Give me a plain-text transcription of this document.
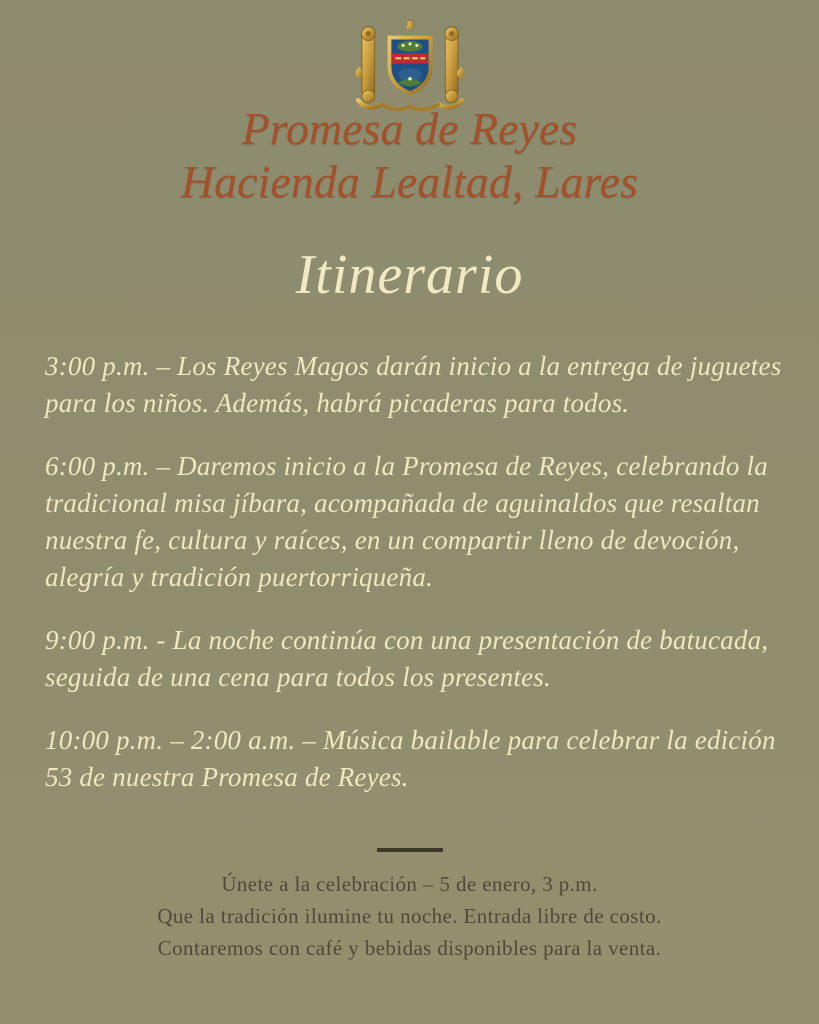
Promesa de Reyes
Hacienda Lealtad, Lares
Itinerario

3:00 p.m. – Los Reyes Magos darán inicio a la entrega de juguetes para los niños. Además, habrá picaderas para todos.

6:00 p.m. – Daremos inicio a la Promesa de Reyes, celebrando la tradicional misa jíbara, acompañada de aguinaldos que resaltan nuestra fe, cultura y raíces, en un compartir lleno de devoción, alegría y tradición puertorriqueña.

9:00 p.m. - La noche continúa con una presentación de batucada, seguida de una cena para todos los presentes.

10:00 p.m. – 2:00 a.m. – Música bailable para celebrar la edición 53 de nuestra Promesa de Reyes.

Únete a la celebración – 5 de enero, 3 p.m.
Que la tradición ilumine tu noche. Entrada libre de costo.
Contaremos con café y bebidas disponibles para la venta.
